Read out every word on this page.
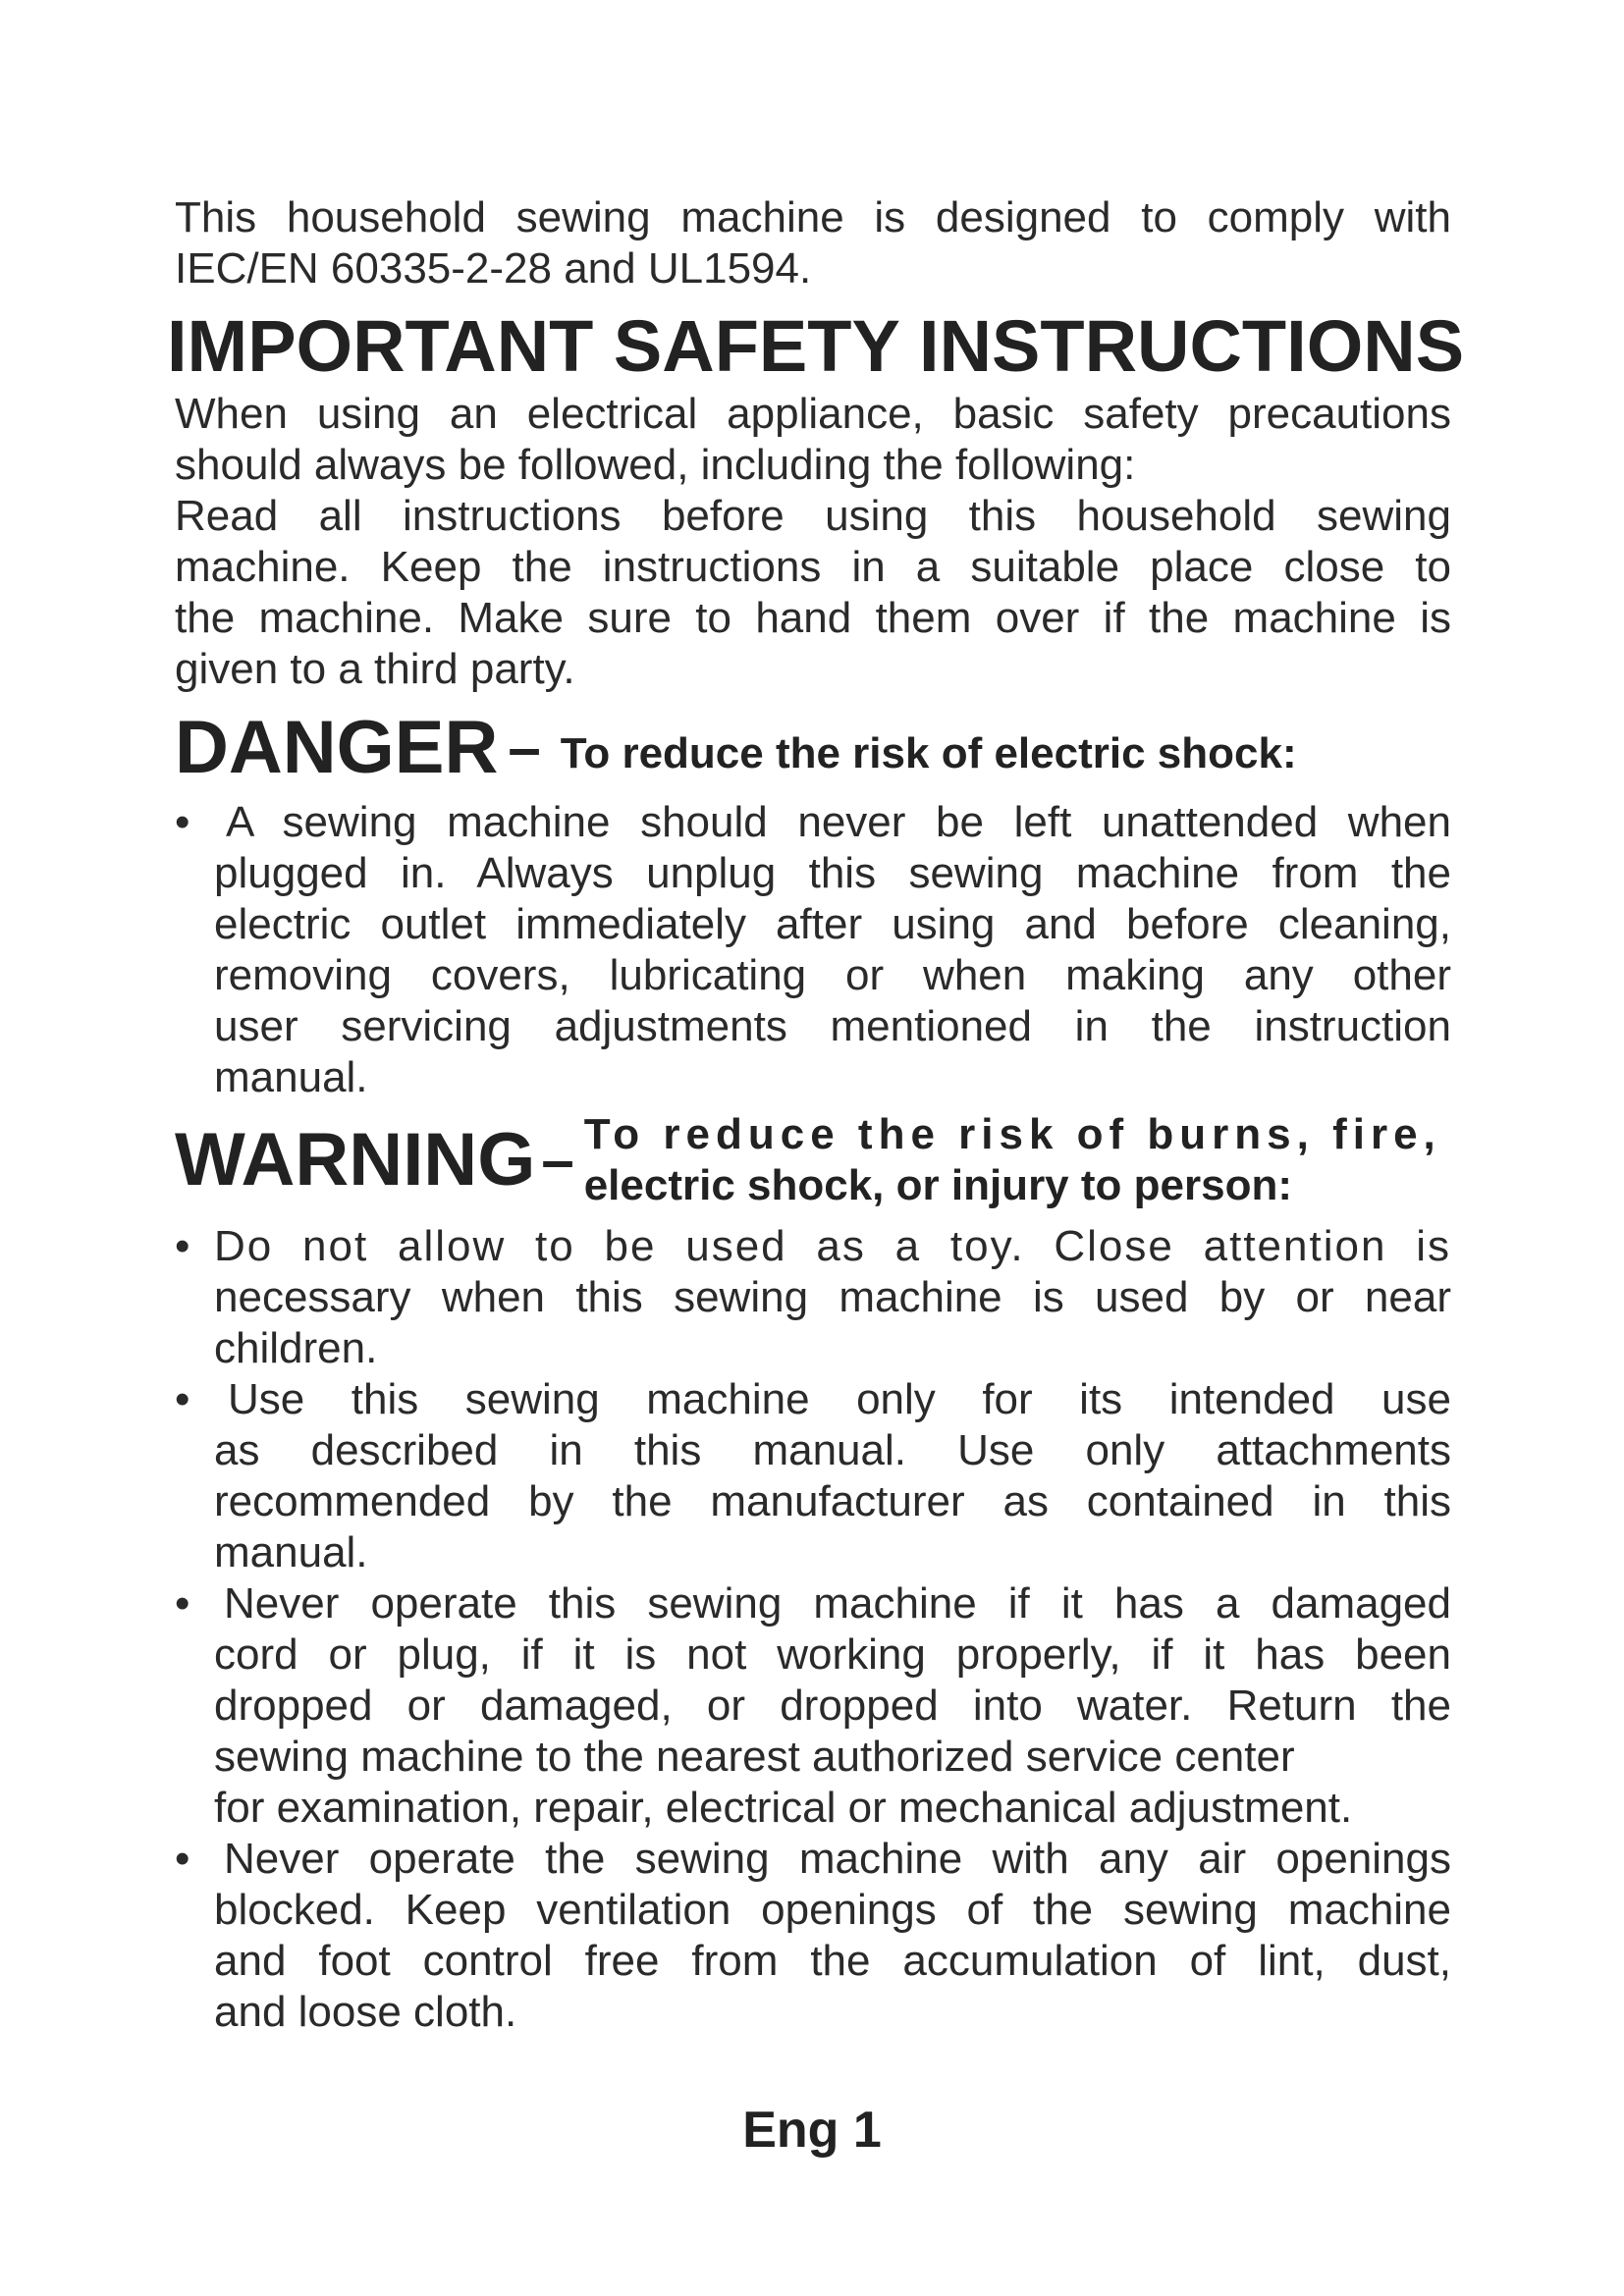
This household sewing machine is designed to comply with
IEC/EN 60335-2-28 and UL1594.

IMPORTANT SAFETY INSTRUCTIONS

When using an electrical appliance, basic safety precautions
should always be followed, including the following:
Read all instructions before using this household sewing
machine. Keep the instructions in a suitable place close to
the machine. Make sure to hand them over if the machine is
given to a third party.

DANGER – To reduce the risk of electric shock:
• A sewing machine should never be left unattended when
plugged in. Always unplug this sewing machine from the
electric outlet immediately after using and before cleaning,
removing covers, lubricating or when making any other
user servicing adjustments mentioned in the instruction
manual.
WARNING – To reduce the risk of burns, fire,
electric shock, or injury to person:
• Do not allow to be used as a toy. Close attention is
necessary when this sewing machine is used by or near
children.
• Use this sewing machine only for its intended use
as described in this manual. Use only attachments
recommended by the manufacturer as contained in this
manual.
• Never operate this sewing machine if it has a damaged
cord or plug, if it is not working properly, if it has been
dropped or damaged, or dropped into water. Return the
sewing machine to the nearest authorized service center
for examination, repair, electrical or mechanical adjustment.
• Never operate the sewing machine with any air openings
blocked. Keep ventilation openings of the sewing machine
and foot control free from the accumulation of lint, dust,
and loose cloth.
Eng 1
